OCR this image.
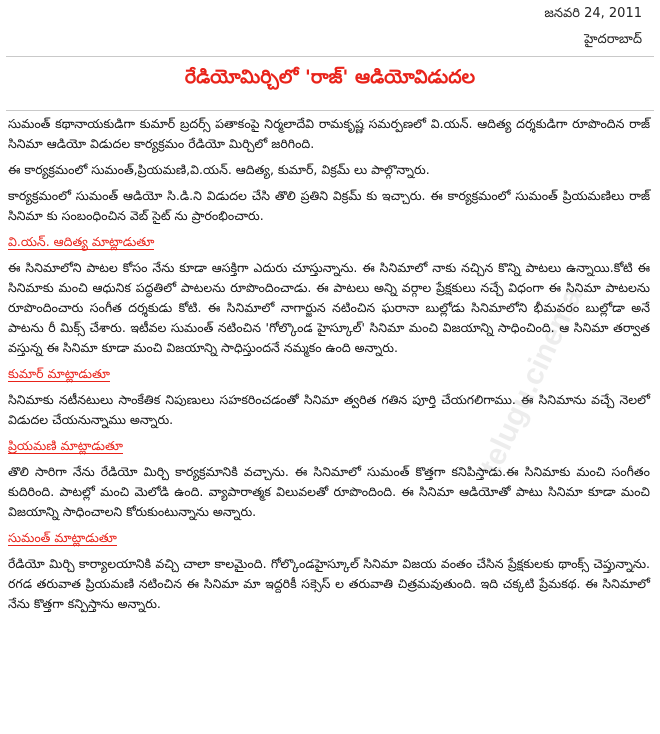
జనవరి 24, 2011
హైదరాబాద్
రేడియోమిర్చిలో 'రాజ్' ఆడియోవిడుదల
telugu.cinema

సుమంత్ కథానాయకుడిగా కుమార్ బ్రదర్స్ పతాకంపై నిర్మలాదేవి రామకృష్ణ సమర్పణలో వి.యన్. ఆదిత్య దర్శకుడిగా రూపొందిన రాజ్ సినిమా ఆడియో విడుదల కార్యక్రమం రేడియో మిర్చిలో జరిగింది.

ఈ కార్యక్రమంలో సుమంత్,ప్రియమణి,వి.యన్. ఆదిత్య, కుమార్, విక్రమ్ లు పాల్గొన్నారు.

కార్యక్రమంలో సుమంత్ ఆడియో సి.డి.ని విడుదల చేసి తొలి ప్రతిని విక్రమ్ కు ఇచ్చారు. ఈ కార్యక్రమంలో సుమంత్ ప్రియమణిలు రాజ్ సినిమా కు సంబంధించిన వెబ్ సైట్ ను ప్రారంభించారు.

వి.యన్. ఆదిత్య మాట్లాడుతూ

ఈ సినిమాలోని పాటల కోసం నేను కూడా ఆసక్తిగా ఎదురు చూస్తున్నాను. ఈ సినిమాలో నాకు నచ్చిన కొన్ని పాటలు ఉన్నాయి.కోటి ఈ సినిమాకు మంచి ఆధునిక పద్ధతిలో పాటలను రూపొందించాడు. ఈ పాటలు అన్ని వర్గాల ప్రేక్షకులు నచ్చే విధంగా ఈ సినిమా పాటలను రూపొందించారు సంగీత దర్శకుడు కోటి. ఈ సినిమాలో నాగార్జున నటించిన ఘరానా బుల్లోడు సినిమాలోని భీమవరం బుల్లోడా అనే పాటను రీ మిక్స్ చేశారు. ఇటీవల సుమంత్ నటించిన 'గోల్కొండ హైస్కూల్' సినిమా మంచి విజయాన్ని సాధించింది. ఆ సినిమా తర్వాత వస్తున్న ఈ సినిమా కూడా మంచి విజయాన్ని సాధిస్తుందనే నమ్మకం ఉంది అన్నారు.

కుమార్ మాట్లాడుతూ

సినిమాకు నటీనటులు సాంకేతిక నిపుణులు సహకరించడంతో సినిమా త్వరిత గతిన పూర్తి చేయగలిగాము. ఈ సినిమాను వచ్చే నెలలో విడుదల చేయనున్నాము అన్నారు.

ప్రియమణి మాట్లాడుతూ

తొలి సారిగా నేను రేడియో మిర్చి కార్యక్రమానికి వచ్చాను. ఈ సినిమాలో సుమంత్ కొత్తగా కనిపిస్తాడు.ఈ సినిమాకు మంచి సంగీతం కుదిరింది. పాటల్లో మంచి మెలోడి ఉంది. వ్యాపారాత్మక విలువలతో రూపొందింది. ఈ సినిమా ఆడియోతో పాటు సినిమా కూడా మంచి విజయాన్ని సాధించాలని కోరుకుంటున్నాను అన్నారు.

సుమంత్ మాట్లాడుతూ

రేడియో మిర్చి కార్యాలయానికి వచ్చి చాలా కాలమైంది. గోల్కొండహైస్కూల్ సినిమా విజయ వంతం చేసిన ప్రేక్షకులకు థాంక్స్ చెప్తున్నాను. రగడ తరువాత ప్రియమణి నటించిన ఈ సినిమా మా ఇద్దరికీ సక్సెస్ ల తరువాతి చిత్రమవుతుంది. ఇది చక్కటి ప్రేమకథ. ఈ సినిమాలో నేను కొత్తగా కన్పిస్తాను అన్నారు.
